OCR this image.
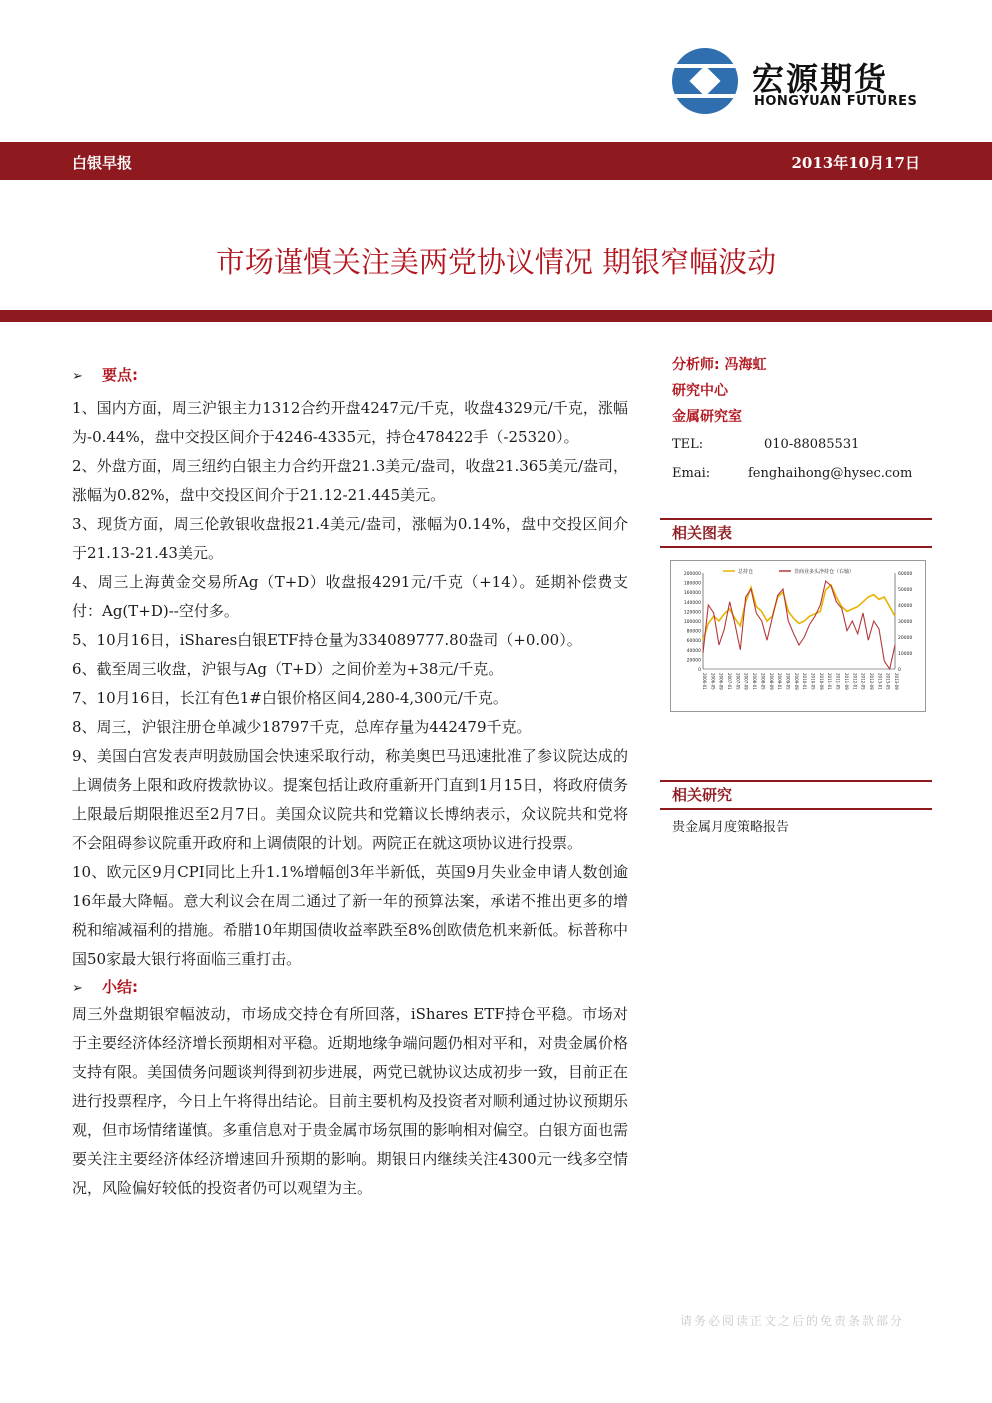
宏源期货
HONGYUAN FUTURES
白银早报	2013年10月17日
市场谨慎关注美两党协议情况 期银窄幅波动
➢ 要点:

1、国内方面，周三沪银主力1312合约开盘4247元/千克，收盘4329元/千克，涨幅为-0.44%，盘中交投区间介于4246-4335元，持仓478422手（-25320）。

2、外盘方面，周三纽约白银主力合约开盘21.3美元/盎司，收盘21.365美元/盎司，涨幅为0.82%，盘中交投区间介于21.12-21.445美元。

3、现货方面，周三伦敦银收盘报21.4美元/盎司，涨幅为0.14%，盘中交投区间介于21.13-21.43美元。

4、周三上海黄金交易所Ag（T+D）收盘报4291元/千克（+14）。延期补偿费支付：Ag(T+D)--空付多。

5、10月16日，iShares白银ETF持仓量为334089777.80盎司（+0.00）。

6、截至周三收盘，沪银与Ag（T+D）之间价差为+38元/千克。

7、10月16日，长江有色1#白银价格区间4,280-4,300元/千克。

8、周三，沪银注册仓单减少18797千克，总库存量为442479千克。

9、美国白宫发表声明鼓励国会快速采取行动，称美奥巴马迅速批准了参议院达成的上调债务上限和政府拨款协议。提案包括让政府重新开门直到1月15日，将政府债务上限最后期限推迟至2月7日。美国众议院共和党籍议长博纳表示，众议院共和党将不会阻碍参议院重开政府和上调债限的计划。两院正在就这项协议进行投票。

10、欧元区9月CPI同比上升1.1%增幅创3年半新低，英国9月失业金申请人数创逾16年最大降幅。意大利议会在周二通过了新一年的预算法案，承诺不推出更多的增税和缩减福利的措施。希腊10年期国债收益率跌至8%创欧债危机来新低。标普称中国50家最大银行将面临三重打击。

➢ 小结:

周三外盘期银窄幅波动，市场成交持仓有所回落，iShares ETF持仓平稳。市场对于主要经济体经济增长预期相对平稳。近期地缘争端问题仍相对平和，对贵金属价格支持有限。美国债务问题谈判得到初步进展，两党已就协议达成初步一致，目前正在进行投票程序，今日上午将得出结论。目前主要机构及投资者对顺利通过协议预期乐观，但市场情绪谨慎。多重信息对于贵金属市场氛围的影响相对偏空。白银方面也需要关注主要经济体经济增速回升预期的影响。期银日内继续关注4300元一线多空情况，风险偏好较低的投资者仍可以观望为主。

分析师: 冯海虹
研究中心
金属研究室
TEL:	010-88085531
Emai:	fenghaihong@hysec.com
相关图表
200000
180000
160000
140000
120000
100000
80000
60000
40000
20000
0
60000
50000
40000
30000
20000
10000
0
2006-01 2006-05 2006-09 2007-01 2007-05 2007-09 2008-01 2008-05 2008-09 2009-01 2009-05 2009-09 2010-01 2010-05 2010-09 2011-01 2011-05 2011-09 2012-01 2012-05 2012-09 2013-01 2013-05 2013-09
总持仓	非商业多头净持仓（右轴）
相关研究
贵金属月度策略报告
请务必阅读正文之后的免责条款部分
